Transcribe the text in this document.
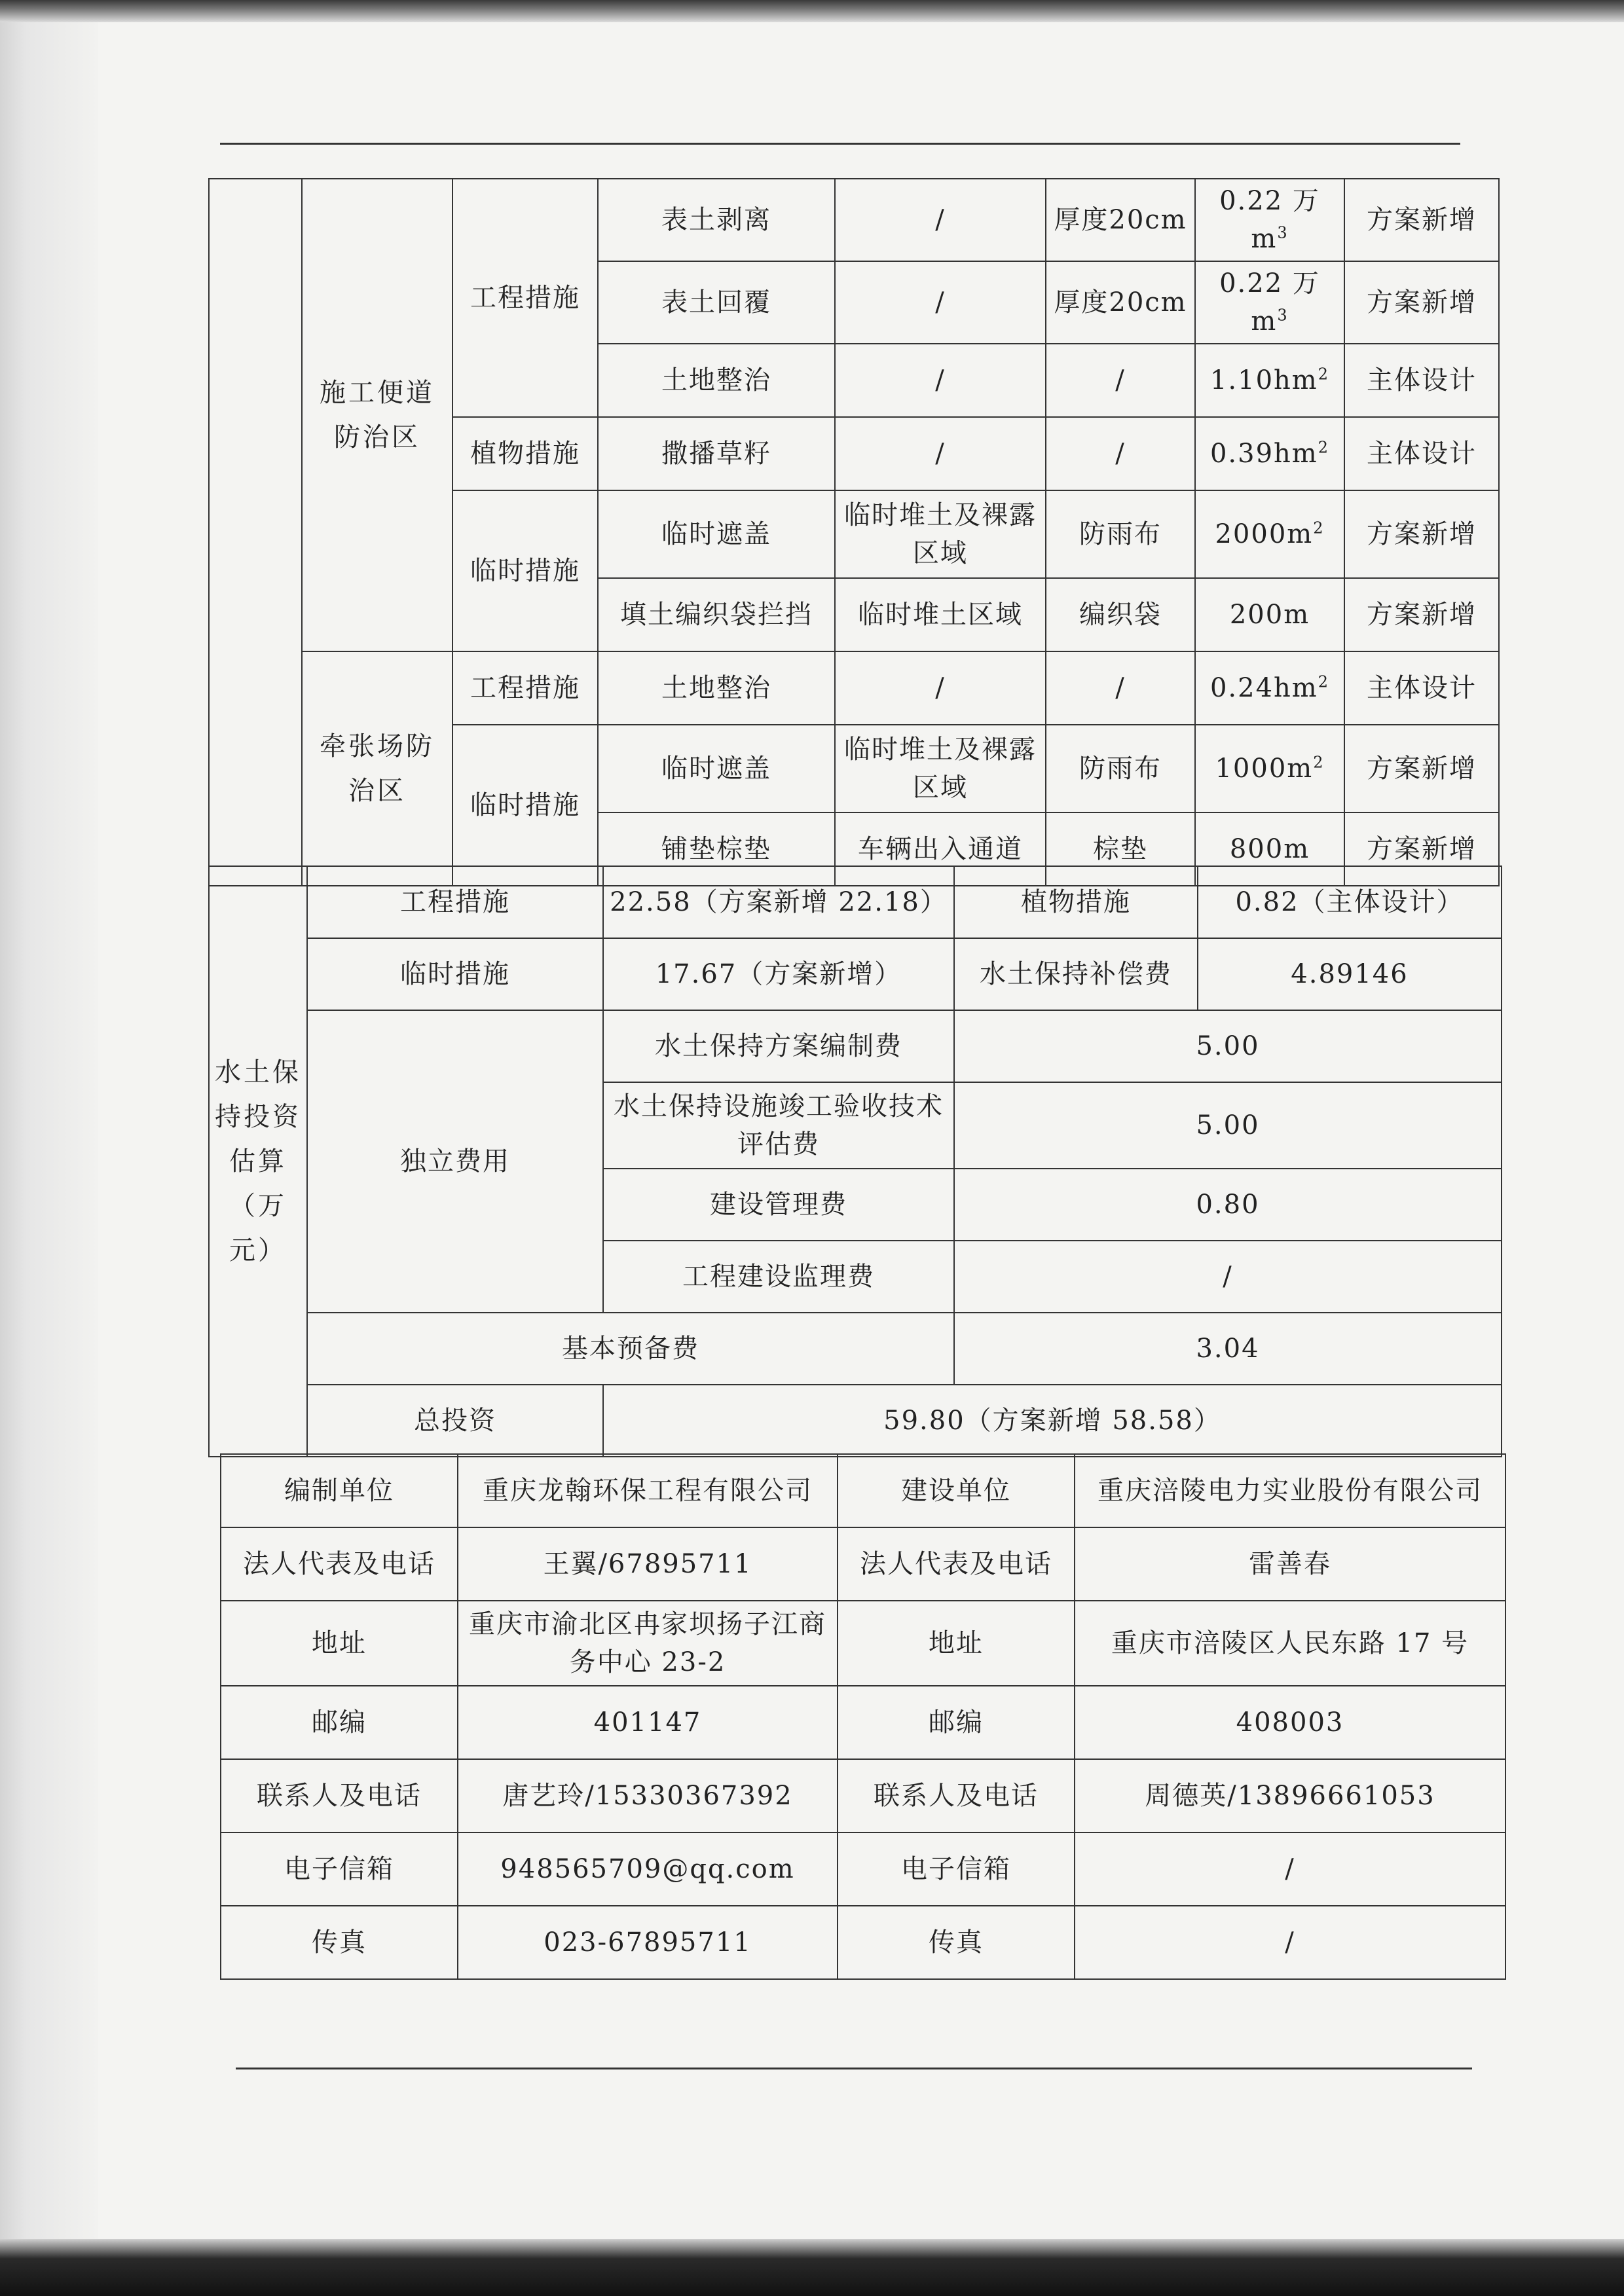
	施工便道防治区	工程措施	表土剥离	/	厚度20cm	0.22 万 $m^3$	方案新增
			表土回覆	/	厚度20cm	0.22 万 $m^3$	方案新增
			土地整治	/	/	$1.10hm^2$	主体设计
		植物措施	撒播草籽	/	/	$0.39hm^2$	主体设计
		临时措施	临时遮盖	临时堆土及裸露区域	防雨布	$2000m^2$	方案新增
			填土编织袋拦挡	临时堆土区域	编织袋	200m	方案新增
	牵张场防治区	工程措施	土地整治	/	/	$0.24hm^2$	主体设计
		临时措施	临时遮盖	临时堆土及裸露区域	防雨布	$1000m^2$	方案新增
			铺垫棕垫	车辆出入通道	棕垫	800m	方案新增
水土保持投资估算（万元）	工程措施	22.58（方案新增 22.18）	植物措施	0.82（主体设计）
	临时措施	17.67（方案新增）	水土保持补偿费	4.89146
	独立费用	水土保持方案编制费	5.00	
		水土保持设施竣工验收技术评估费	5.00	
		建设管理费	0.80	
		工程建设监理费	/	
	基本预备费		3.04	
	总投资	59.80（方案新增 58.58）		
编制单位	重庆龙翰环保工程有限公司	建设单位	重庆涪陵电力实业股份有限公司
法人代表及电话	王翼/67895711	法人代表及电话	雷善春
地址	重庆市渝北区冉家坝扬子江商务中心 23-2	地址	重庆市涪陵区人民东路 17 号
邮编	401147	邮编	408003
联系人及电话	唐艺玲/15330367392	联系人及电话	周德英/13896661053
电子信箱	948565709@qq.com	电子信箱	/
传真	023-67895711	传真	/
